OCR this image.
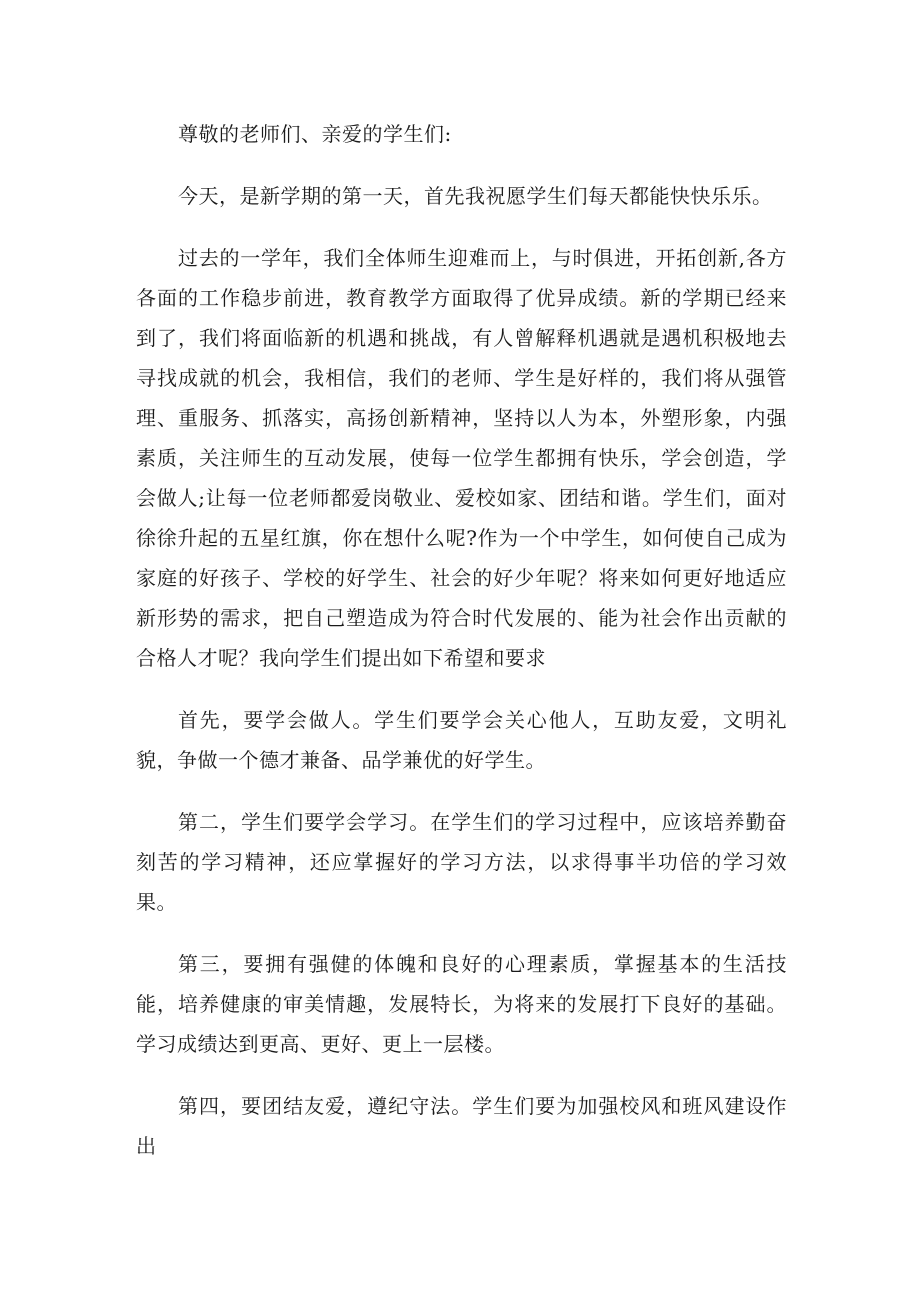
尊敬的老师们、亲爱的学生们:

今天，是新学期的第一天，首先我祝愿学生们每天都能快快乐乐。

过去的一学年，我们全体师生迎难而上，与时俱进，开拓创新,各方各面的工作稳步前进，教育教学方面取得了优异成绩。新的学期已经来到了，我们将面临新的机遇和挑战，有人曾解释机遇就是遇机积极地去寻找成就的机会，我相信，我们的老师、学生是好样的，我们将从强管理、重服务、抓落实，高扬创新精神，坚持以人为本，外塑形象，内强素质，关注师生的互动发展，使每一位学生都拥有快乐，学会创造，学会做人;让每一位老师都爱岗敬业、爱校如家、团结和谐。学生们，面对徐徐升起的五星红旗，你在想什么呢?作为一个中学生，如何使自己成为家庭的好孩子、学校的好学生、社会的好少年呢？将来如何更好地适应新形势的需求，把自己塑造成为符合时代发展的、能为社会作出贡献的合格人才呢？我向学生们提出如下希望和要求

首先，要学会做人。学生们要学会关心他人，互助友爱，文明礼貌，争做一个德才兼备、品学兼优的好学生。

第二，学生们要学会学习。在学生们的学习过程中，应该培养勤奋刻苦的学习精神，还应掌握好的学习方法，以求得事半功倍的学习效果。

第三，要拥有强健的体魄和良好的心理素质，掌握基本的生活技能，培养健康的审美情趣，发展特长，为将来的发展打下良好的基础。学习成绩达到更高、更好、更上一层楼。

第四，要团结友爱，遵纪守法。学生们要为加强校风和班风建设作出
